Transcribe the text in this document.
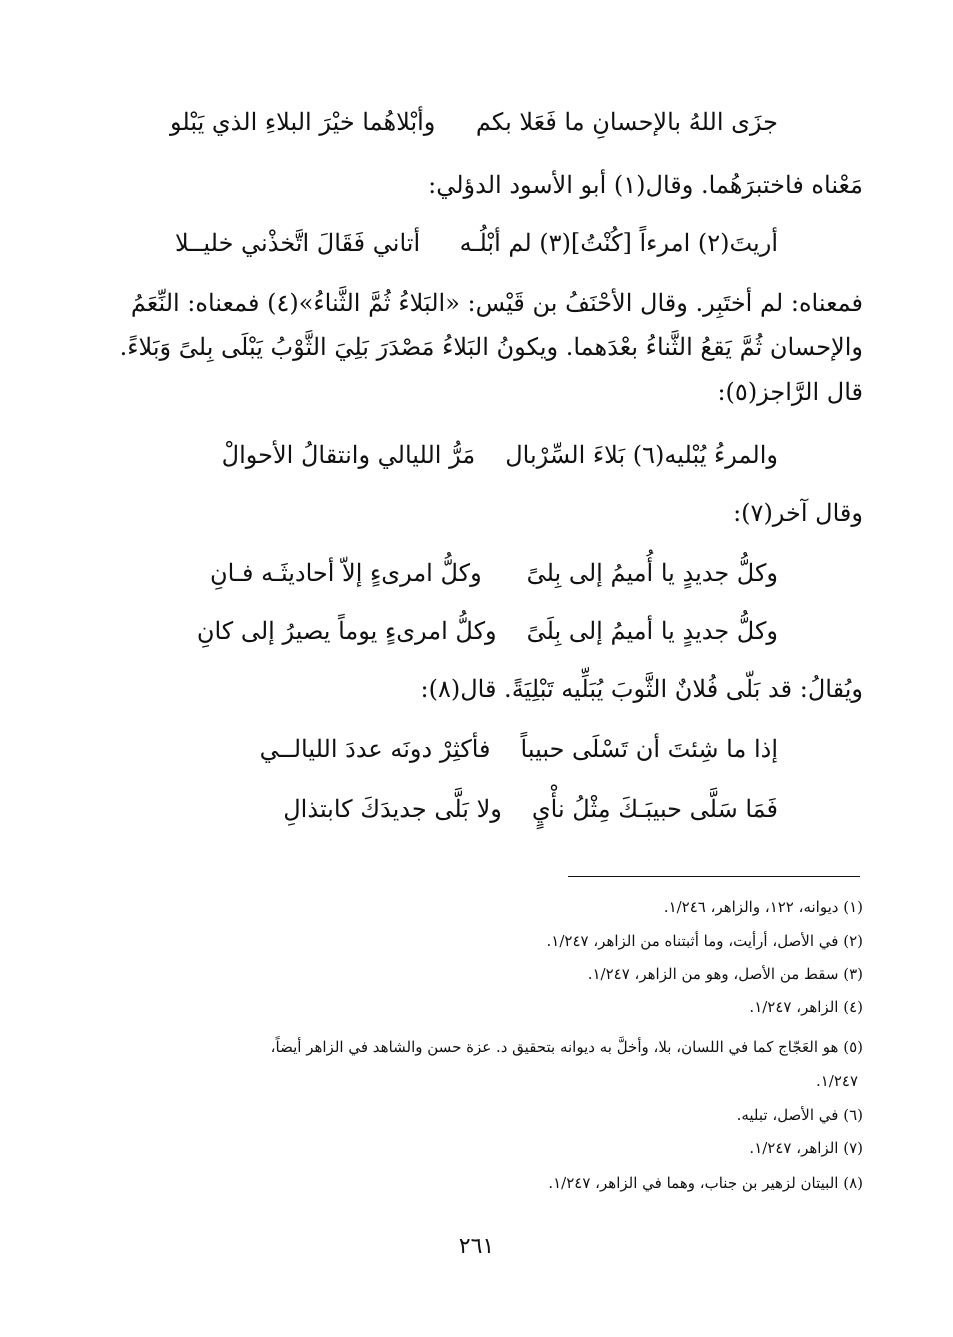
جزَى اللهُ بالإحسانِ ما فَعَلا بكم
وأبْلاهُما خيْرَ البلاءِ الذي يَبْلو
مَعْناه فاختبرَهُما. وقال(١) أبو الأسود الدؤلي:
أريتَ(٢) امرءاً [كُنْتُ](٣) لم أبْلُـه
أتاني فَقَالَ اتَّخذْني خليــلا
فمعناه: لم أختَبِر. وقال الأحْنَفُ بن قَيْس: «البَلاءُ ثُمَّ الثَّناءُ»(٤) فمعناه: النِّعَمُ
والإحسان ثُمَّ يَقعُ الثَّناءُ بعْدَهما. ويكونُ البَلاءُ مَصْدَرَ بَلِيَ الثَّوْبُ يَبْلَى بِلىً وَبَلاءً.
قال الرَّاجز(٥):
والمرءُ يُبْليه(٦) بَلاءَ السِّرْبال
مَرُّ الليالي وانتقالُ الأحوالْ
وقال آخر(٧):
وكلُّ جديدٍ يا أُميمُ إلى بِلىً
وكلُّ امرىءٍ إلاّ أحاديثَـه فـانِ
وكلُّ جديدٍ يا أميمُ إلى بِلَىً
وكلُّ امرىءٍ يوماً يصيرُ إلى كانِ
ويُقالُ: قد بَلّى فُلانٌ الثَّوبَ يُبَلِّيه تَبْلِيَةً. قال(٨):
إذا ما شِئتَ أن تَسْلَى حبيباً
فأكثِرْ دونَه عددَ الليالــي
فَمَا سَلَّى حبيبَـكَ مِثْلُ نأْيٍ
ولا بَلَّى جديدَكَ كابتذالِ
(١) ديوانه، ١٢٢، والزاهر، ١/٢٤٦.
(٢) في الأصل، أرأيت، وما أثبتناه من الزاهر، ١/٢٤٧.
(٣) سقط من الأصل، وهو من الزاهر، ١/٢٤٧.
(٤) الزاهر، ١/٢٤٧.
(٥) هو العَجّاج كما في اللسان، بلا، وأخلَّ به ديوانه بتحقيق د. عزة حسن والشاهد في الزاهر أيضاً،
١/٢٤٧.
(٦) في الأصل، تبليه.
(٧) الزاهر، ١/٢٤٧.
(٨) البيتان لزهير بن جناب، وهما في الزاهر، ١/٢٤٧.
٢٦١
